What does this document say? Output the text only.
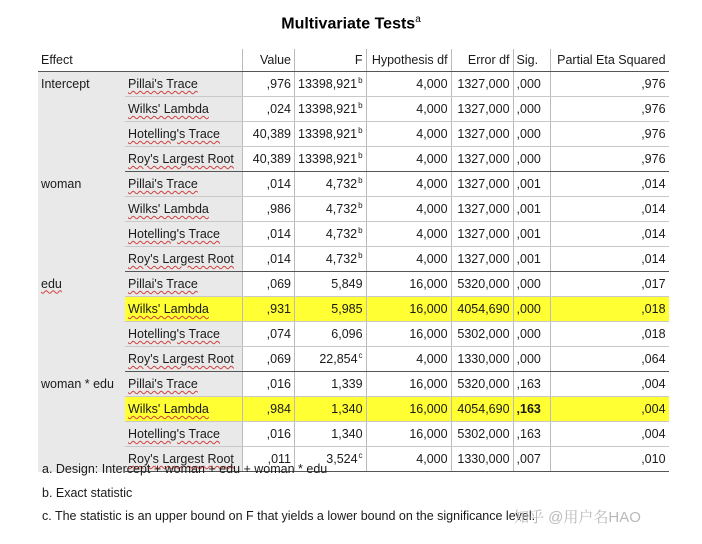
Multivariate Tests$^a$
Effect		Value	F	Hypothesis df	Error df	Sig.	Partial Eta Squared
Intercept	Pillai's Trace	,976	13398,921$^b$	4,000	1327,000	,000	,976
	Wilks' Lambda	,024	13398,921$^b$	4,000	1327,000	,000	,976
	Hotelling's Trace	40,389	13398,921$^b$	4,000	1327,000	,000	,976
	Roy's Largest Root	40,389	13398,921$^b$	4,000	1327,000	,000	,976
woman	Pillai's Trace	,014	4,732$^b$	4,000	1327,000	,001	,014
	Wilks' Lambda	,986	4,732$^b$	4,000	1327,000	,001	,014
	Hotelling's Trace	,014	4,732$^b$	4,000	1327,000	,001	,014
	Roy's Largest Root	,014	4,732$^b$	4,000	1327,000	,001	,014
edu	Pillai's Trace	,069	5,849	16,000	5320,000	,000	,017
	Wilks' Lambda	,931	5,985	16,000	4054,690	,000	,018
	Hotelling's Trace	,074	6,096	16,000	5302,000	,000	,018
	Roy's Largest Root	,069	22,854$^c$	4,000	1330,000	,000	,064
woman * edu	Pillai's Trace	,016	1,339	16,000	5320,000	,163	,004
	Wilks' Lambda	,984	1,340	16,000	4054,690	,163	,004
	Hotelling's Trace	,016	1,340	16,000	5302,000	,163	,004
	Roy's Largest Root	,011	3,524$^c$	4,000	1330,000	,007	,010
a. Design: Intercept + woman + edu + woman * edu
b. Exact statistic
c. The statistic is an upper bound on F that yields a lower bound on the significance level.
知乎 @用户名HAO
